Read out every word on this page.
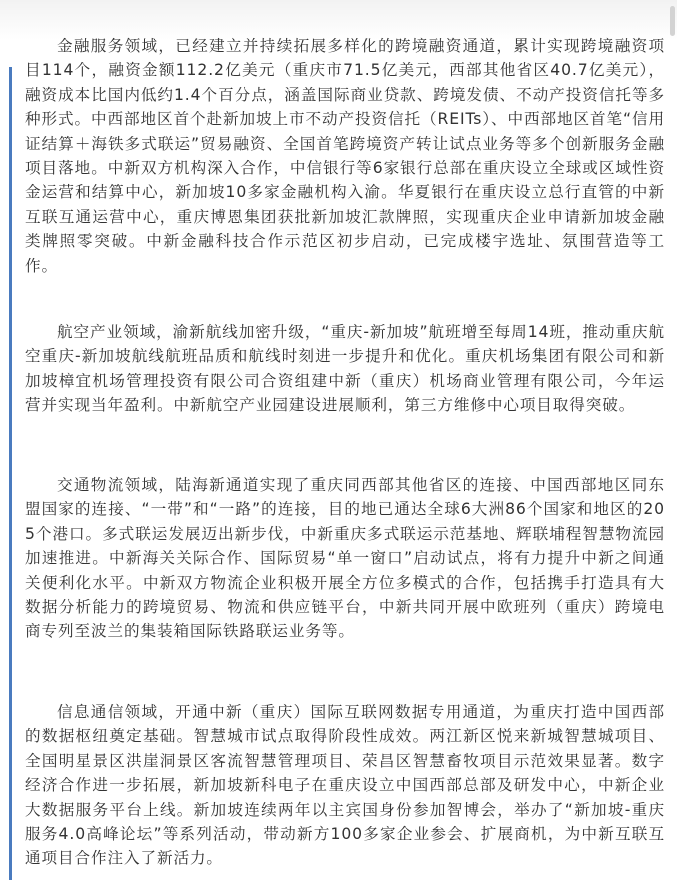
金融服务领域，已经建立并持续拓展多样化的跨境融资通道，累计实现跨境融资项目114个，融资金额112.2亿美元（重庆市71.5亿美元，西部其他省区40.7亿美元），融资成本比国内低约1.4个百分点，涵盖国际商业贷款、跨境发债、不动产投资信托等多种形式。中西部地区首个赴新加坡上市不动产投资信托（REITs）、中西部地区首笔“信用证结算＋海铁多式联运”贸易融资、全国首笔跨境资产转让试点业务等多个创新服务金融项目落地。中新双方机构深入合作，中信银行等6家银行总部在重庆设立全球或区域性资金运营和结算中心，新加坡10多家金融机构入渝。华夏银行在重庆设立总行直管的中新互联互通运营中心，重庆博恩集团获批新加坡汇款牌照，实现重庆企业申请新加坡金融类牌照零突破。中新金融科技合作示范区初步启动，已完成楼宇选址、氛围营造等工作。

航空产业领域，渝新航线加密升级，“重庆-新加坡”航班增至每周14班，推动重庆航空重庆-新加坡航线航班品质和航线时刻进一步提升和优化。重庆机场集团有限公司和新加坡樟宜机场管理投资有限公司合资组建中新（重庆）机场商业管理有限公司，今年运营并实现当年盈利。中新航空产业园建设进展顺利，第三方维修中心项目取得突破。

交通物流领域，陆海新通道实现了重庆同西部其他省区的连接、中国西部地区同东盟国家的连接、“一带”和“一路”的连接，目的地已通达全球6大洲86个国家和地区的205个港口。多式联运发展迈出新步伐，中新重庆多式联运示范基地、辉联埔程智慧物流园加速推进。中新海关关际合作、国际贸易“单一窗口”启动试点，将有力提升中新之间通关便利化水平。中新双方物流企业积极开展全方位多模式的合作，包括携手打造具有大数据分析能力的跨境贸易、物流和供应链平台，中新共同开展中欧班列（重庆）跨境电商专列至波兰的集装箱国际铁路联运业务等。

信息通信领域，开通中新（重庆）国际互联网数据专用通道，为重庆打造中国西部的数据枢纽奠定基础。智慧城市试点取得阶段性成效。两江新区悦来新城智慧城项目、全国明星景区洪崖洞景区客流智慧管理项目、荣昌区智慧畜牧项目示范效果显著。数字经济合作进一步拓展，新加坡新科电子在重庆设立中国西部总部及研发中心，中新企业大数据服务平台上线。新加坡连续两年以主宾国身份参加智博会，举办了“新加坡-重庆服务4.0高峰论坛”等系列活动，带动新方100多家企业参会、扩展商机，为中新互联互通项目合作注入了新活力。
